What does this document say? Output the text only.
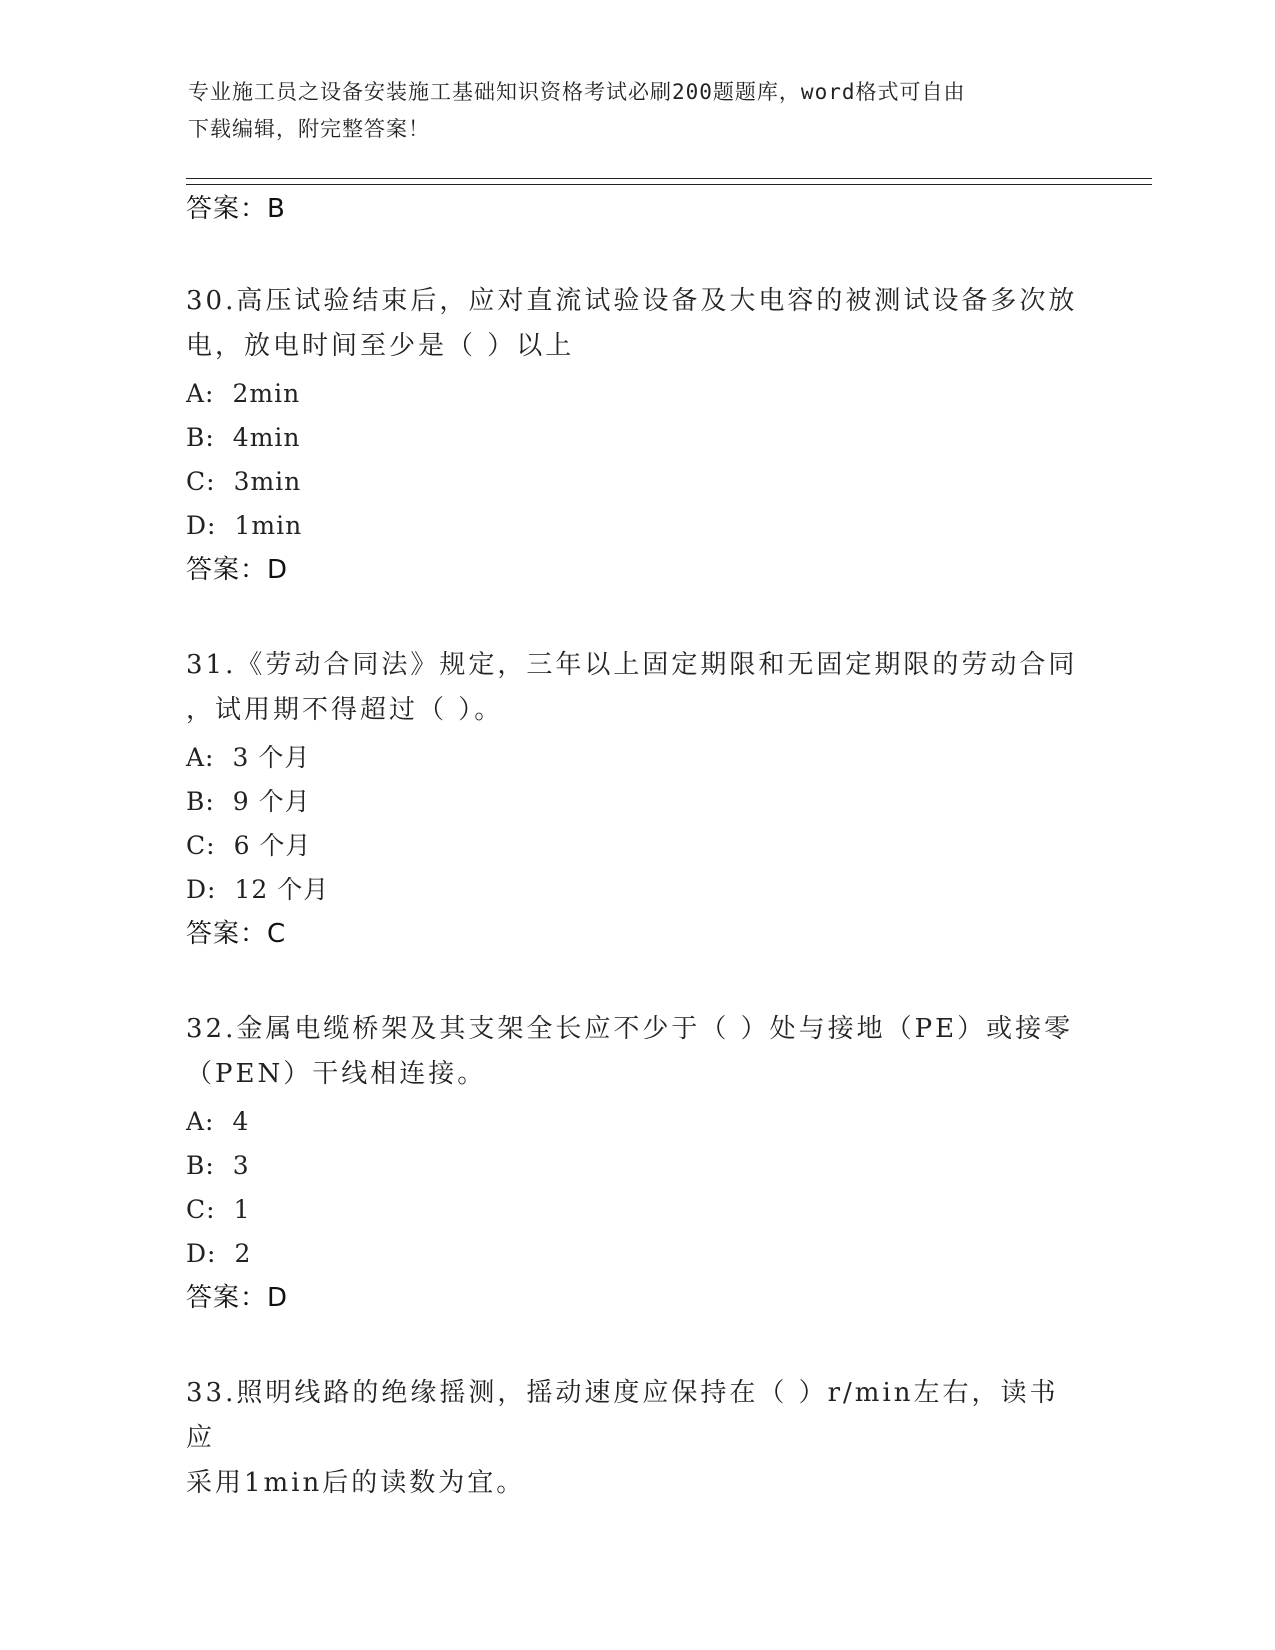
专业施工员之设备安装施工基础知识资格考试必刷200题题库，word格式可自由
下载编辑，附完整答案！
答案：B
30.高压试验结束后，应对直流试验设备及大电容的被测试设备多次放
电，放电时间至少是（ ）以上
A: 2min
B: 4min
C: 3min
D: 1min
答案：D
31.《劳动合同法》规定，三年以上固定期限和无固定期限的劳动合同
，试用期不得超过（ ）。
A: 3 个月
B: 9 个月
C: 6 个月
D: 12 个月
答案：C
32.金属电缆桥架及其支架全长应不少于（ ）处与接地（PE）或接零
（PEN）干线相连接。
A: 4
B: 3
C: 1
D: 2
答案：D
33.照明线路的绝缘摇测，摇动速度应保持在（ ）r/min左右，读书应
采用1min后的读数为宜。
